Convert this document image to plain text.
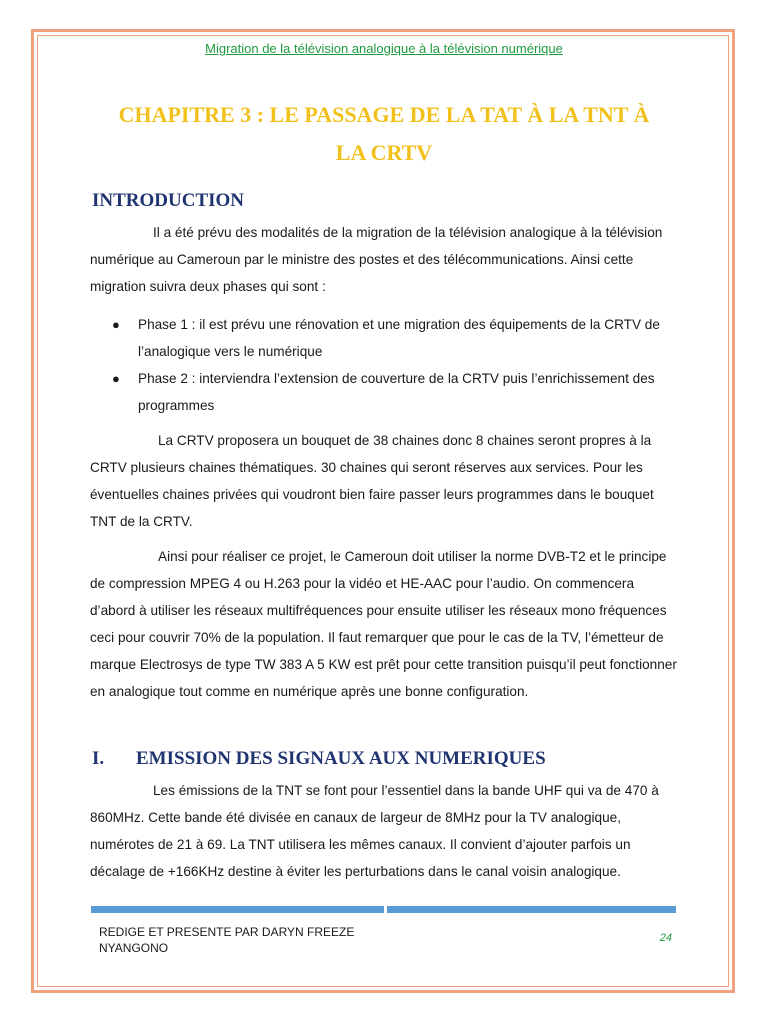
Migration de la télévision analogique à la télévision numérique
CHAPITRE 3 : LE PASSAGE DE LA TAT À LA TNT À
LA CRTV
INTRODUCTION

Il a été prévu des modalités de la migration de la télévision analogique à la télévision numérique au Cameroun par le ministre des postes et des télécommunications. Ainsi cette migration suivra deux phases qui sont :

● Phase 1 : il est prévu une rénovation et une migration des équipements de la CRTV de l’analogique vers le numérique
● Phase 2 : interviendra l’extension de couverture de la CRTV puis l’enrichissement des programmes

La CRTV proposera un bouquet de 38 chaines donc 8 chaines seront propres à la CRTV plusieurs chaines thématiques. 30 chaines qui seront réserves aux services. Pour les éventuelles chaines privées qui voudront bien faire passer leurs programmes dans le bouquet TNT de la CRTV.

Ainsi pour réaliser ce projet, le Cameroun doit utiliser la norme DVB-T2 et le principe de compression MPEG 4 ou H.263 pour la vidéo et HE-AAC pour l’audio. On commencera d’abord à utiliser les réseaux multifréquences pour ensuite utiliser les réseaux mono fréquences ceci pour couvrir 70% de la population. Il faut remarquer que pour le cas de la TV, l’émetteur de marque Electrosys de type TW 383 A 5 KW est prêt pour cette transition puisqu’il peut fonctionner en analogique tout comme en numérique après une bonne configuration.

I. EMISSION DES SIGNAUX AUX NUMERIQUES

Les émissions de la TNT se font pour l’essentiel dans la bande UHF qui va de 470 à 860MHz. Cette bande été divisée en canaux de largeur de 8MHz pour la TV analogique, numérotes de 21 à 69. La TNT utilisera les mêmes canaux. Il convient d’ajouter parfois un décalage de +166KHz destine à éviter les perturbations dans le canal voisin analogique.

REDIGE ET PRESENTE PAR DARYN FREEZE
NYANGONO
24
